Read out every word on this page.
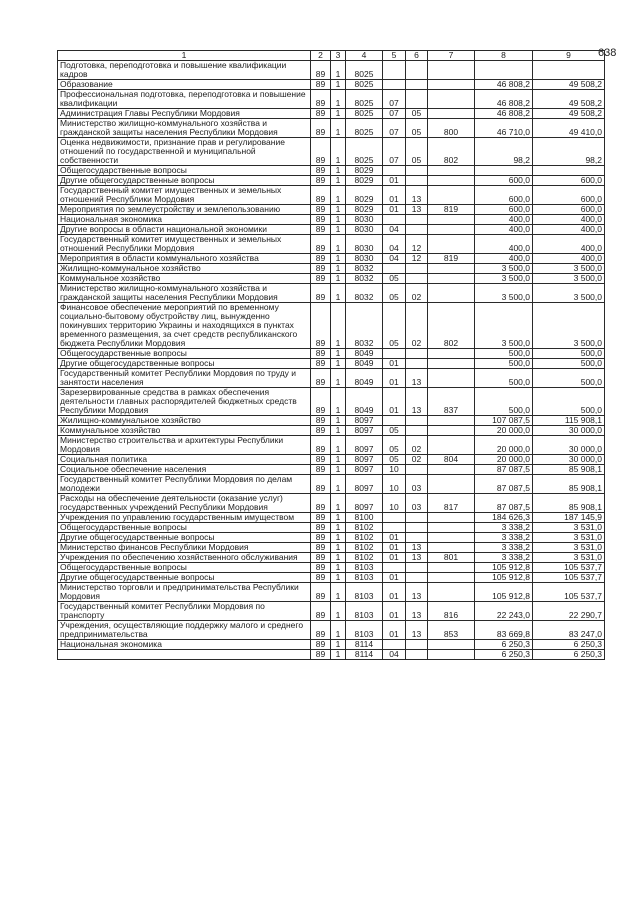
638
1	2	3	4	5	6	7	8	9
Подготовка, переподготовка и повышение квалификации кадров	89	1	8025					
Образование	89	1	8025				46 808,2	49 508,2
Профессиональная подготовка, переподготовка и повышение квалификации	89	1	8025	07			46 808,2	49 508,2
Администрация Главы Республики Мордовия	89	1	8025	07	05		46 808,2	49 508,2
Министерство жилищно-коммунального хозяйства и гражданской защиты населения Республики Мордовия	89	1	8025	07	05	800	46 710,0	49 410,0
Оценка недвижимости, признание прав и регулирование отношений по государственной и муниципальной собственности	89	1	8025	07	05	802	98,2	98,2
Общегосударственные вопросы	89	1	8029					
Другие общегосударственные вопросы	89	1	8029	01			600,0	600,0
Государственный комитет имущественных и земельных отношений Республики Мордовия	89	1	8029	01	13		600,0	600,0
Мероприятия по землеустройству и землепользованию	89	1	8029	01	13	819	600,0	600,0
Национальная экономика	89	1	8030				400,0	400,0
Другие вопросы в области национальной экономики	89	1	8030	04			400,0	400,0
Государственный комитет имущественных и земельных отношений Республики Мордовия	89	1	8030	04	12		400,0	400,0
Мероприятия в области коммунального хозяйства	89	1	8030	04	12	819	400,0	400,0
Жилищно-коммунальное хозяйство	89	1	8032				3 500,0	3 500,0
Коммунальное хозяйство	89	1	8032	05			3 500,0	3 500,0
Министерство жилищно-коммунального хозяйства и гражданской защиты населения Республики Мордовия	89	1	8032	05	02		3 500,0	3 500,0
Финансовое обеспечение мероприятий по временному социально-бытовому обустройству лиц, вынужденно покинувших территорию Украины и находящихся в пунктах временного размещения, за счет средств республиканского бюджета Республики Мордовия	89	1	8032	05	02	802	3 500,0	3 500,0
Общегосударственные вопросы	89	1	8049				500,0	500,0
Другие общегосударственные вопросы	89	1	8049	01			500,0	500,0
Государственный комитет Республики Мордовия по труду и занятости населения	89	1	8049	01	13		500,0	500,0
Зарезервированные средства в рамках обеспечения деятельности главных распорядителей бюджетных средств Республики Мордовия	89	1	8049	01	13	837	500,0	500,0
Жилищно-коммунальное хозяйство	89	1	8097				107 087,5	115 908,1
Коммунальное хозяйство	89	1	8097	05			20 000,0	30 000,0
Министерство строительства и архитектуры Республики Мордовия	89	1	8097	05	02		20 000,0	30 000,0
Социальная политика	89	1	8097	05	02	804	20 000,0	30 000,0
Социальное обеспечение населения	89	1	8097	10			87 087,5	85 908,1
Государственный комитет Республики Мордовия по делам молодежи	89	1	8097	10	03		87 087,5	85 908,1
Расходы на обеспечение деятельности (оказание услуг) государственных учреждений Республики Мордовия	89	1	8097	10	03	817	87 087,5	85 908,1
Учреждения по управлению государственным имуществом	89	1	8100				184 626,3	187 145,9
Общегосударственные вопросы	89	1	8102				3 338,2	3 531,0
Другие общегосударственные вопросы	89	1	8102	01			3 338,2	3 531,0
Министерство финансов Республики Мордовия	89	1	8102	01	13		3 338,2	3 531,0
Учреждения по обеспечению хозяйственного обслуживания	89	1	8102	01	13	801	3 338,2	3 531,0
Общегосударственные вопросы	89	1	8103				105 912,8	105 537,7
Другие общегосударственные вопросы	89	1	8103	01			105 912,8	105 537,7
Министерство торговли и предпринимательства Республики Мордовия	89	1	8103	01	13		105 912,8	105 537,7
Государственный комитет Республики Мордовия по транспорту	89	1	8103	01	13	816	22 243,0	22 290,7
Учреждения, осуществляющие поддержку малого и среднего предпринимательства	89	1	8103	01	13	853	83 669,8	83 247,0
Национальная экономика	89	1	8114				6 250,3	6 250,3
	89	1	8114	04			6 250,3	6 250,3
